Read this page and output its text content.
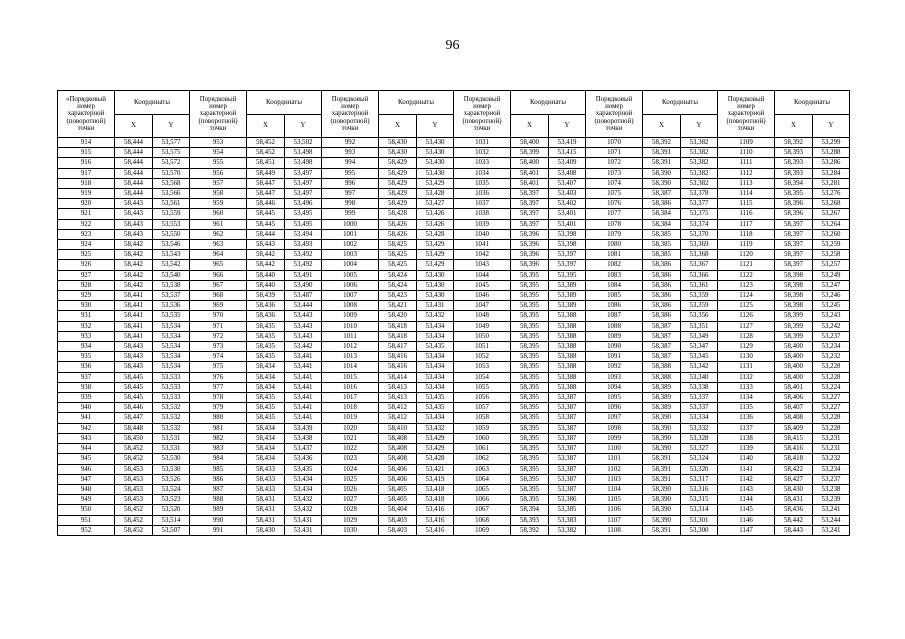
96
«Порядковый номер характерной (поворотной) точки	Координаты		Порядковый номер характерной (поворотной) точки	Координаты		Порядковый номер характерной (поворотной) точки	Координаты		Порядковый номер характерной (поворотной) точки	Координаты		Порядковый номер характерной (поворотной) точки	Координаты		Порядковый номер характерной (поворотной) точки	Координаты	
	X	Y		X	Y		X	Y		X	Y		X	Y		X	Y
914	58,444	53,577	953	58,452	53,502	992	58,430	53,430	1031	58,400	53,419	1070	58,392	53,382	1109	58,392	53,299
915	58,444	53,575	954	58,452	53,498	993	58,430	53,430	1032	58,399	53,415	1071	58,391	53,382	1110	58,393	53,288
916	58,444	53,572	955	58,451	53,498	994	58,429	53,430	1033	58,400	53,409	1072	58,391	53,382	1111	58,393	53,286
917	58,444	53,570	956	58,449	53,497	995	58,429	53,430	1034	58,401	53,408	1073	58,390	53,382	1112	58,393	53,284
918	58,444	53,568	957	58,447	53,497	996	58,429	53,429	1035	58,401	53,407	1074	58,390	53,382	1113	58,394	53,281
919	58,444	53,566	958	58,447	53,497	997	58,429	53,428	1036	58,397	53,403	1075	58,387	53,378	1114	58,395	53,276
920	58,443	53,561	959	58,446	53,496	998	58,429	53,427	1037	58,397	53,402	1076	58,386	53,377	1115	58,396	53,268
921	58,443	53,559	960	58,445	53,495	999	58,428	53,426	1038	58,397	53,401	1077	58,384	53,375	1116	58,396	53,267
922	58,443	53,553	961	58,445	53,495	1000	58,426	53,426	1039	58,397	53,401	1078	58,384	53,374	1117	58,397	53,264
923	58,443	53,550	962	58,444	53,494	1001	58,426	53,428	1040	58,396	53,398	1079	58,385	53,370	1118	58,397	53,260
924	58,442	53,546	963	58,443	53,493	1002	58,425	53,429	1041	58,396	53,398	1080	58,385	53,369	1119	58,397	53,259
925	58,442	53,543	964	58,442	53,492	1003	58,425	53,429	1042	58,396	53,397	1081	58,385	53,368	1120	58,397	53,258
926	58,442	53,542	965	58,442	53,492	1004	58,425	53,429	1043	58,396	53,397	1082	58,386	53,367	1121	58,397	53,257
927	58,442	53,540	966	58,440	53,491	1005	58,424	53,430	1044	58,395	53,395	1083	58,386	53,366	1122	58,398	53,249
928	58,442	53,538	967	58,440	53,490	1006	58,424	53,430	1045	58,395	53,389	1084	58,386	53,361	1123	58,398	53,247
929	58,441	53,537	968	58,439	53,487	1007	58,423	53,430	1046	58,395	53,389	1085	58,386	53,359	1124	58,398	53,246
930	58,441	53,536	969	58,436	53,444	1008	58,421	53,431	1047	58,395	53,389	1086	58,386	53,359	1125	58,398	53,245
931	58,441	53,535	970	58,436	53,443	1009	58,420	53,432	1048	58,395	53,388	1087	58,386	53,356	1126	58,399	53,243
932	58,441	53,534	971	58,435	53,443	1010	58,418	53,434	1049	58,395	53,388	1088	58,387	53,351	1127	58,399	53,242
933	58,441	53,534	972	58,435	53,443	1011	58,418	53,434	1050	58,395	53,388	1089	58,387	53,349	1128	58,399	53,237
934	58,443	53,534	973	58,435	53,442	1012	58,417	53,435	1051	58,395	53,388	1090	58,387	53,347	1129	58,400	53,234
935	58,443	53,534	974	58,435	53,441	1013	58,416	53,434	1052	58,395	53,388	1091	58,387	53,345	1130	58,400	53,232
936	58,443	53,534	975	58,434	53,441	1014	58,416	53,434	1053	58,395	53,388	1092	58,388	53,342	1131	58,400	53,228
937	58,445	53,533	976	58,434	53,441	1015	58,414	53,434	1054	58,395	53,388	1093	58,388	53,340	1132	58,400	53,228
938	58,445	53,533	977	58,434	53,441	1016	58,413	53,434	1055	58,395	53,388	1094	58,389	53,338	1133	58,401	53,224
939	58,445	53,533	978	58,435	53,441	1017	58,413	53,435	1056	58,395	53,387	1095	58,389	53,337	1134	58,406	53,227
940	58,446	53,532	979	58,435	53,441	1018	58,412	53,435	1057	58,395	53,387	1096	58,389	53,337	1135	58,407	53,227
941	58,447	53,532	980	58,435	53,441	1019	58,412	53,434	1058	58,395	53,387	1097	58,390	53,334	1136	58,408	53,228
942	58,448	53,532	981	58,434	53,439	1020	58,410	53,432	1059	58,395	53,387	1098	58,390	53,332	1137	58,409	53,228
943	58,450	53,531	982	58,434	53,438	1021	58,408	53,429	1060	58,395	53,387	1099	58,390	53,328	1138	58,415	53,231
944	58,452	53,531	983	58,434	53,437	1022	58,408	53,429	1061	58,395	53,387	1100	58,390	53,327	1139	58,416	53,231
945	58,452	53,530	984	58,434	53,436	1023	58,408	53,428	1062	58,395	53,387	1101	58,391	53,324	1140	58,418	53,232
946	58,453	53,530	985	58,433	53,435	1024	58,406	53,421	1063	58,395	53,387	1102	58,391	53,320	1141	58,422	53,234
947	58,453	53,526	986	58,433	53,434	1025	58,406	53,419	1064	58,395	53,387	1103	58,391	53,317	1142	58,427	53,237
948	58,453	53,524	987	58,433	53,434	1026	58,405	53,418	1065	58,395	53,387	1104	58,390	53,316	1143	58,430	53,238
949	58,453	53,523	988	58,431	53,432	1027	58,405	53,418	1066	58,395	53,386	1105	58,390	53,315	1144	58,431	53,239
950	58,452	53,520	989	58,431	53,432	1028	58,404	53,416	1067	58,394	53,385	1106	58,390	53,314	1145	58,436	53,241
951	58,452	53,514	990	58,431	53,431	1029	58,403	53,416	1068	58,393	53,383	1107	58,390	53,301	1146	58,442	53,244
952	58,452	53,507	991	58,430	53,431	1030	58,403	53,416	1069	58,392	53,382	1108	58,391	53,300	1147	58,443	53,241
